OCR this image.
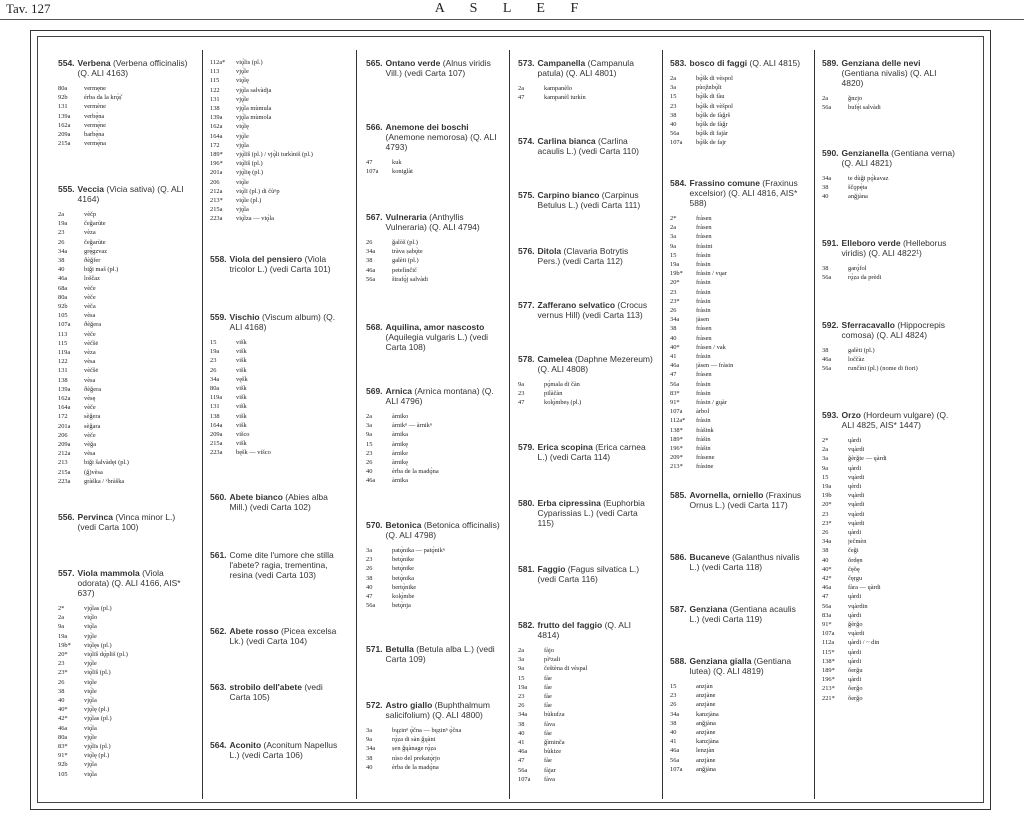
Tav. 127	A S L E F
554. Verbena (Verbena officinalis) (Q. ALI 4163)
80a	vermęne
92b	érba da la krǫ̀ṣ̌
131	vermène
139a	verbę̀na
162a	vermę̀ne
209a	barbę̀na
215a	vermę̀na
555. Veccia (Vicia sativa) (Q. ALI 4164)
2a	vèčp
19a	čeǧarùte
23	vèza
26	čeǧarùte
34a	grę̀gzvaz
38	ðèǧfer
40	biǧi maš (pl.)
46a	loščaz
68a	vèče
80a	vèče
92b	vèča
105	vèsa
107a	ðèǧera
113	vèče
115	vèčšė
119a	vèza
122	vèsa
131	vèčšė
138	vèsa
139a	ðèǧera
162a	vèsę
164a	vèče
172	sèǧera
201a	sèǧara
206	vèče
209a	vèǧa
212a	vèsa
213	biǧi šalvàdęi (pl.)
215a	(ǧ)vèsa
223a	gràška / ʸbràška
556. Pervinca (Vinca minor L.) (vedi Carta 100)
557. Viola mammola (Viola odorata) (Q. ALI 4166, AIS* 637)
2*	vjǫ̀las (pl.)
2a	viǫ̀lo
9a	viǫ̀la
19a	vjǫ̀le
19b*	viǫ̀lęs (pl.)
20*	viǫ̀līš dǫ̀pliš (pl.)
23	vjǫ̀le
23*	viǫ̀līš (pl.)
26	viǫ̀le
38	viǫ̀le
40	vjǫ̀la
40*	vjǫ̀lę (pl.)
42*	vjǫ̀las (pl.)
46a	viǫ̀la
80a	vjǫ̀le
83*	vjǫ̀līs (pl.)
91*	viǫ̀lę (pl.)
92b	vjǫ̀la
105	viǫ̀la
112a*	viǫ̀lis (pl.)
113	vjǫ̀le
115	viǫ̀lę
122	vjǫ̀la salvàdja
131	vjǫ̀le
138	vjǫ̀la mùmula
139a	vjǫ̀la mùmola
162a	viǫ̀lę
164a	vjǫ̀le
172	vjǫ̀la
189*	vjǫ̀līš (pl.) / vjǫ̀li turkìniš (pl.)
196*	viǫ̀līš (pl.)
201a	vjǫ̀lię (pl.)
206	viǫ̀le
212a	viǫ̀lī (pl.) di čùⁿp
213*	viǫ̀le (pl.)
215a	vjǫ̀la
223a	viǫ̀lza — viǫ̀la
558. Viola del pensiero (Viola tricolor L.) (vedi Carta 101)
559. Vischio (Viscum album) (Q. ALI 4168)
15	višk
19a	višk
23	višk
26	višk
34a	vęšk
80a	višk
119a	višk
131	višk
138	višk
164a	višk
209a	višco
215a	višk
223a	bęšk — višco
560. Abete bianco (Abies alba Mill.) (vedi Carta 102)
561. Come dite l'umore che stilla l'abete? ragia, trementina, resina (vedi Carta 103)
562. Abete rosso (Picea excelsa Lk.) (vedi Carta 104)
563. strobilo dell'abete (vedi Carta 105)
564. Aconito (Aconitum Napellus L.) (vedi Carta 106)
565. Ontano verde (Alnus viridis Vill.) (vedi Carta 107)
566. Anemone dei boschi (Anemone nemorosa) (Q. ALI 4793)
47	kuk
107a	koniglàt
567. Vulneraria (Anthyllis Vulneraria) (Q. ALI 4794)
26	ǧalòš (pl.)
34a	tràva ṣabǫ̀te
38	galèti (pl.)
46a	petelìnčič
56a	štrafǫ̀j salvàdi
568. Aquilina, amor nascosto (Aquilegia vulgaris L.) (vedi Carta 108)
569. Arnica (Arnica montana) (Q. ALI 4796)
2a	àrniko
3a	àrnikⁿ — àrnikⁿ
9a	àrnika
15	àrnikę
23	àrnike
26	àrnikę
40	èrba de la madǫ̀na
46a	àrnika
570. Betonica (Betonica officinalis) (Q. ALI 4798)
3a	patǫ̀nika — patǫ̀nikⁿ
23	betǫ̀nike
26	betǫ̀nike
38	betǫ̀nika
40	bertǫ̀nike
47	kolǫ̀mbe
56a	betǫ̀nja
571. Betulla (Betula alba L.) (vedi Carta 109)
572. Astro giallo (Buphthalmum salicifolium) (Q. ALI 4800)
3a	bųẓinⁿ ǫ̀čna — bųẓinⁿ ǫ̀čna
9a	rǫ̀ẓa di sàn ǧųàni
34a	ṣen ǧųànage rǫ̀ẓa
38	nìso del prekatǫ̀rjo
40	èrba de la madǫ̀na
573. Campanella (Campanula patula) (Q. ALI 4801)
2a	kampanèlo
47	kampanèl turkìn
574. Carlina bianca (Carlina acaulis L.) (vedi Carta 110)
575. Carpino bianco (Carpinus Betulus L.) (vedi Carta 111)
576. Ditola (Clavaria Botrytis Pers.) (vedi Carta 112)
577. Zafferano selvatico (Crocus vernus Hill) (vedi Carta 113)
578. Camelea (Daphne Mezereum) (Q. ALI 4808)
9a	pǫ̀mala di čàn
23	pilàčàn
47	kolǫ̀mbeș (pl.)
579. Erica scopina (Erica carnea L.) (vedi Carta 114)
580. Erba cipressina (Euphorbia Cyparissias L.) (vedi Carta 115)
581. Faggio (Fagus silvatica L.) (vedi Carta 116)
582. frutto del faggio (Q. ALI 4814)
2a	fàjo
3a	pìⁿzali
9a	češtèna di vèspal
15	fàe
19a	fàe
23	fàe
26	fàe
34a	bùkufza
38	fàva
40	fàe
41	ǧìminča
46a	bùkize
47	fàe
56a	fàjar
107a	fàva
583. bosco di faggi (Q. ALI 4815)
2a	bǫ̀šk di vèspol
3a	pùo̧žnbǫ̀lt
15	bǫ̀šk di fàu
23	bǫ̀šk di vèšpol
38	bǫ̀šk de fàǧrš
40	bǫ̀šk de fàǧr
56a	bǫ̀šk di fajàr
107a	bǫ̀šk de fajr
584. Frassino comune (Fraxinus excelsior) (Q. ALI 4816, AIS* 588)
2*	fràsen
2a	fràsen
3a	fràsen
9a	fràsint
15	fràsin
19a	fràsin
19b*	fràsin / vųar
20*	fràsin
23	fràsin
23*	fràsin
26	fràsin
34a	jàsen
38	fràsen
40	fràsen
40*	fràsen / vak
41	fràsin
46a	jàsen — fràsin
47	fràsen
56a	fràsin
83*	fràsin
91*	fràsin / gųàr
107a	àrbol
112a*	fràsin
138*	fràšink
189*	fràšin
196*	fràšin
209*	fràsene
213*	fràsine
585. Avornella, orniello (Fraxinus Ornus L.) (vedi Carta 117)
586. Bucaneve (Galanthus nivalis L.) (vedi Carta 118)
587. Genziana (Gentiana acaulis L.) (vedi Carta 119)
588. Genziana gialla (Gentiana lutea) (Q. ALI 4819)
15	anzjàn
23	anzjàne
26	anzjàne
34a	kanzjàna
38	anǧjàna
40	anzjàne
41	kanzjàna
46a	lenzjàn
56a	anzjàne
107a	anǧjàna
589. Genziana delle nevi (Gentiana nivalis) (Q. ALI 4820)
2a	ǧnzjo
56a	bufę̀t salvàdi
590. Genzianella (Gentiana verna) (Q. ALI 4821)
34a	te dùǧi pǫ̀kavaz
38	ščǫpę̀ta
40	anǧjàna
591. Elleboro verde (Helleborus viridis) (Q. ALI 4822¹)
38	garǫ̀fol
56a	rǫ̀ẓa da prèdi
592. Sferracavallo (Hippocrepis comosa) (Q. ALI 4824)
38	galèti (pl.)
46a	loččàz
56a	runčìni (pl.) (nome di fiori)
593. Orzo (Hordeum vulgare) (Q. ALI 4825, AIS* 1447)
2*	ųàrdi
2a	vųàrdi
3a	ǧèrǧte — ųàrdi
9a	ųàrdi
15	vųàrdi
19a	ųèrdi
19b	vųàrdi
20*	vųàrdi
23	vųàrdi
23*	vųàrdi
26	ųàrdi
34a	ječmèn
38	čeǧi
40	ǒrdęn
40*	čęǒę
42*	čęṛgu
46a	fàra — ųàrdi
47	ųàrdi
56a	vųàrdin
83a	ųàrdi
91*	ǧèrǧo
107a	vųàrdi
112a	ųàrdi / ~ din
115*	ųàrdi
138*	ųàrdi
189*	ǒerǧu
196*	ųàrdi
213*	ǒerǧo
221*	ǒerǧo
